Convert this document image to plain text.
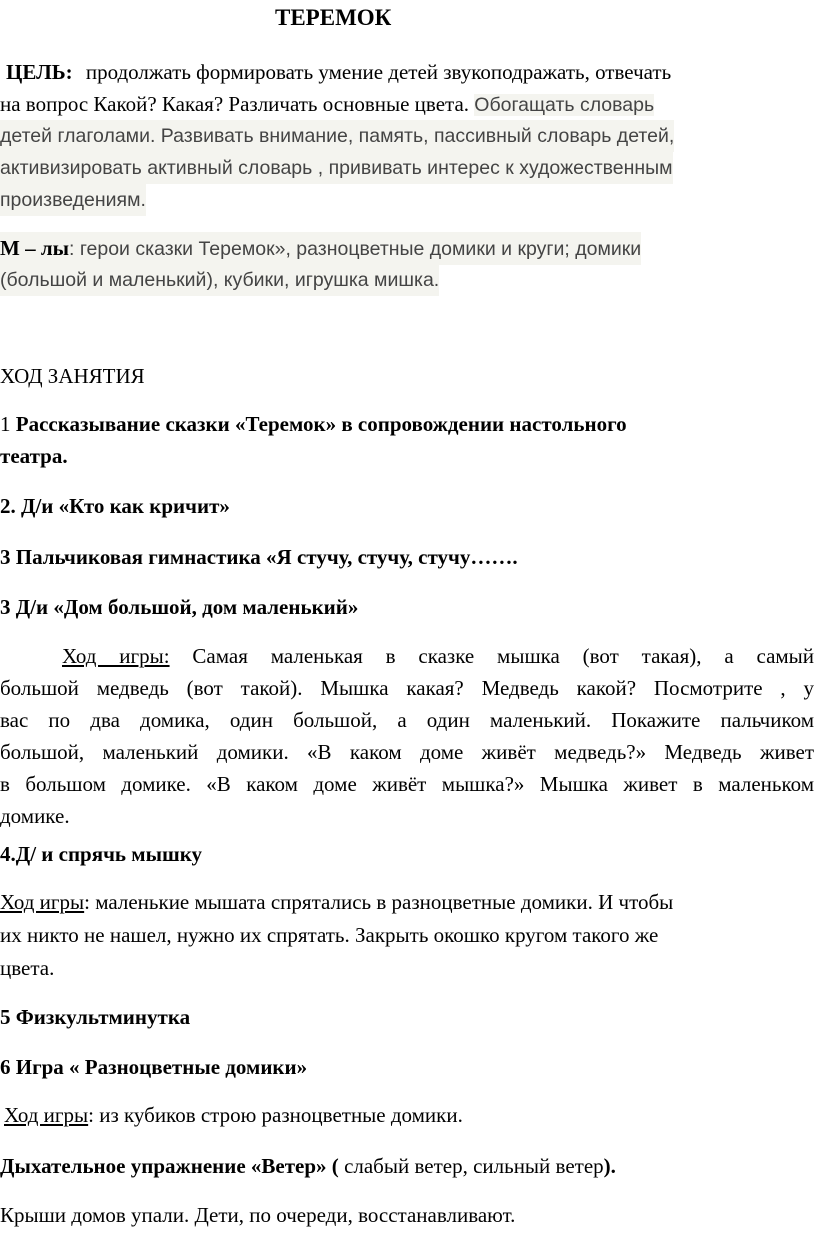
ТЕРЕМОК
ЦЕЛЬ: продолжать формировать умение детей звукоподражать, отвечать
на вопрос Какой? Какая? Различать основные цвета. Обогащать словарь
детей глаголами. Развивать внимание, память, пассивный словарь детей,
активизировать активный словарь , прививать интерес к художественным
произведениям.
М – лы: герои сказки Теремок», разноцветные домики и круги; домики
(большой и маленький), кубики, игрушка мишка.
ХОД ЗАНЯТИЯ
1 Рассказывание сказки «Теремок» в сопровождении настольного
театра.
2. Д/и «Кто как кричит»
3 Пальчиковая гимнастика «Я стучу, стучу, стучу…….
3 Д/и «Дом большой, дом маленький»
Ход игры: Самая маленькая в сказке мышка (вот такая), а самый
большой медведь (вот такой). Мышка какая? Медведь какой? Посмотрите , у
вас по два домика, один большой, а один маленький. Покажите пальчиком
большой, маленький домики. «В каком доме живёт медведь?» Медведь живет
в большом домике. «В каком доме живёт мышка?» Мышка живет в маленьком
домике.
4.Д/ и спрячь мышку
Ход игры: маленькие мышата спрятались в разноцветные домики. И чтобы
их никто не нашел, нужно их спрятать. Закрыть окошко кругом такого же
цвета.
5 Физкультминутка
6 Игра « Разноцветные домики»
Ход игры: из кубиков строю разноцветные домики.
Дыхательное упражнение «Ветер» ( слабый ветер, сильный ветер).
Крыши домов упали. Дети, по очереди, восстанавливают.
